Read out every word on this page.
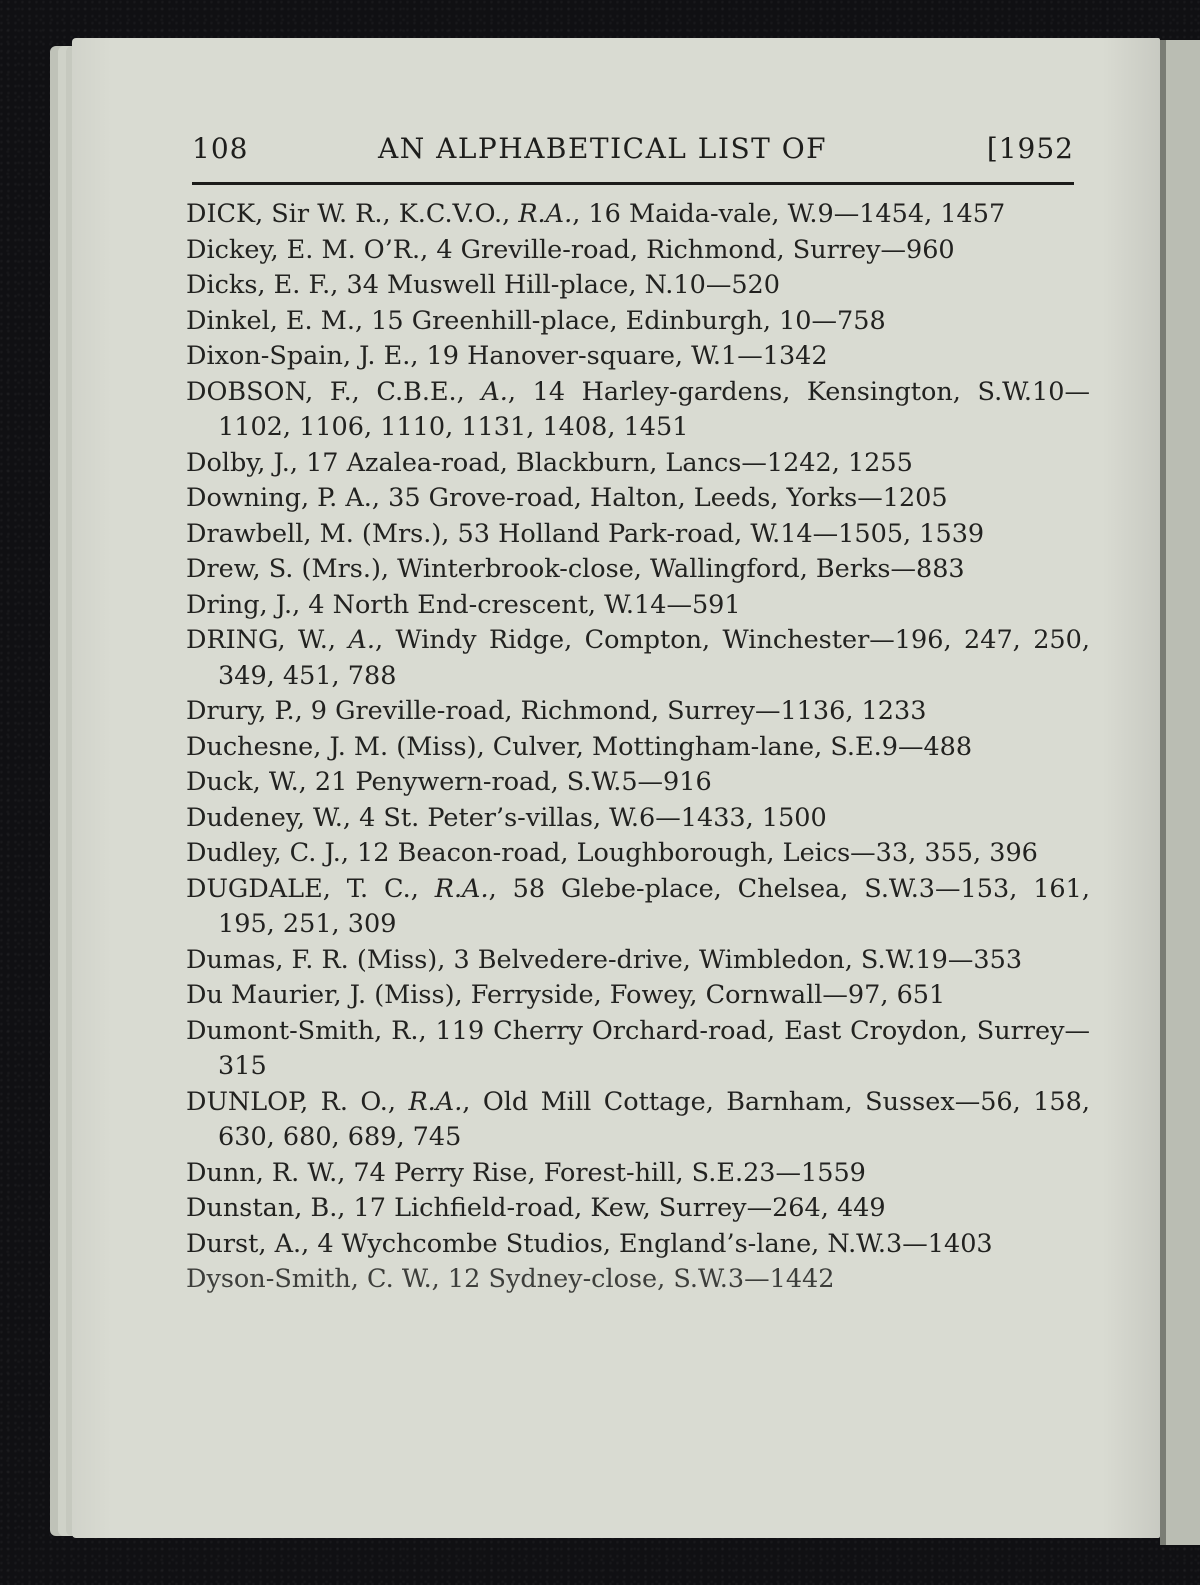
108	AN ALPHABETICAL LIST OF	[1952
DICK, Sir W. R., K.C.V.O., R.A., 16 Maida-vale, W.9—1454, 1457
Dickey, E. M. O’R., 4 Greville-road, Richmond, Surrey—960
Dicks, E. F., 34 Muswell Hill-place, N.10—520
Dinkel, E. M., 15 Greenhill-place, Edinburgh, 10—758
Dixon-Spain, J. E., 19 Hanover-square, W.1—1342
DOBSON, F., C.B.E., A., 14 Harley-gardens, Kensington, S.W.10—1102, 1106, 1110, 1131, 1408, 1451
Dolby, J., 17 Azalea-road, Blackburn, Lancs—1242, 1255
Downing, P. A., 35 Grove-road, Halton, Leeds, Yorks—1205
Drawbell, M. (Mrs.), 53 Holland Park-road, W.14—1505, 1539
Drew, S. (Mrs.), Winterbrook-close, Wallingford, Berks—883
Dring, J., 4 North End-crescent, W.14—591
DRING, W., A., Windy Ridge, Compton, Winchester—196, 247, 250, 349, 451, 788
Drury, P., 9 Greville-road, Richmond, Surrey—1136, 1233
Duchesne, J. M. (Miss), Culver, Mottingham-lane, S.E.9—488
Duck, W., 21 Penywern-road, S.W.5—916
Dudeney, W., 4 St. Peter’s-villas, W.6—1433, 1500
Dudley, C. J., 12 Beacon-road, Loughborough, Leics—33, 355, 396
DUGDALE, T. C., R.A., 58 Glebe-place, Chelsea, S.W.3—153, 161, 195, 251, 309
Dumas, F. R. (Miss), 3 Belvedere-drive, Wimbledon, S.W.19—353
Du Maurier, J. (Miss), Ferryside, Fowey, Cornwall—97, 651
Dumont-Smith, R., 119 Cherry Orchard-road, East Croydon, Surrey—315
DUNLOP, R. O., R.A., Old Mill Cottage, Barnham, Sussex—56, 158, 630, 680, 689, 745
Dunn, R. W., 74 Perry Rise, Forest-hill, S.E.23—1559
Dunstan, B., 17 Lichfield-road, Kew, Surrey—264, 449
Durst, A., 4 Wychcombe Studios, England’s-lane, N.W.3—1403
Dyson-Smith, C. W., 12 Sydney-close, S.W.3—1442
